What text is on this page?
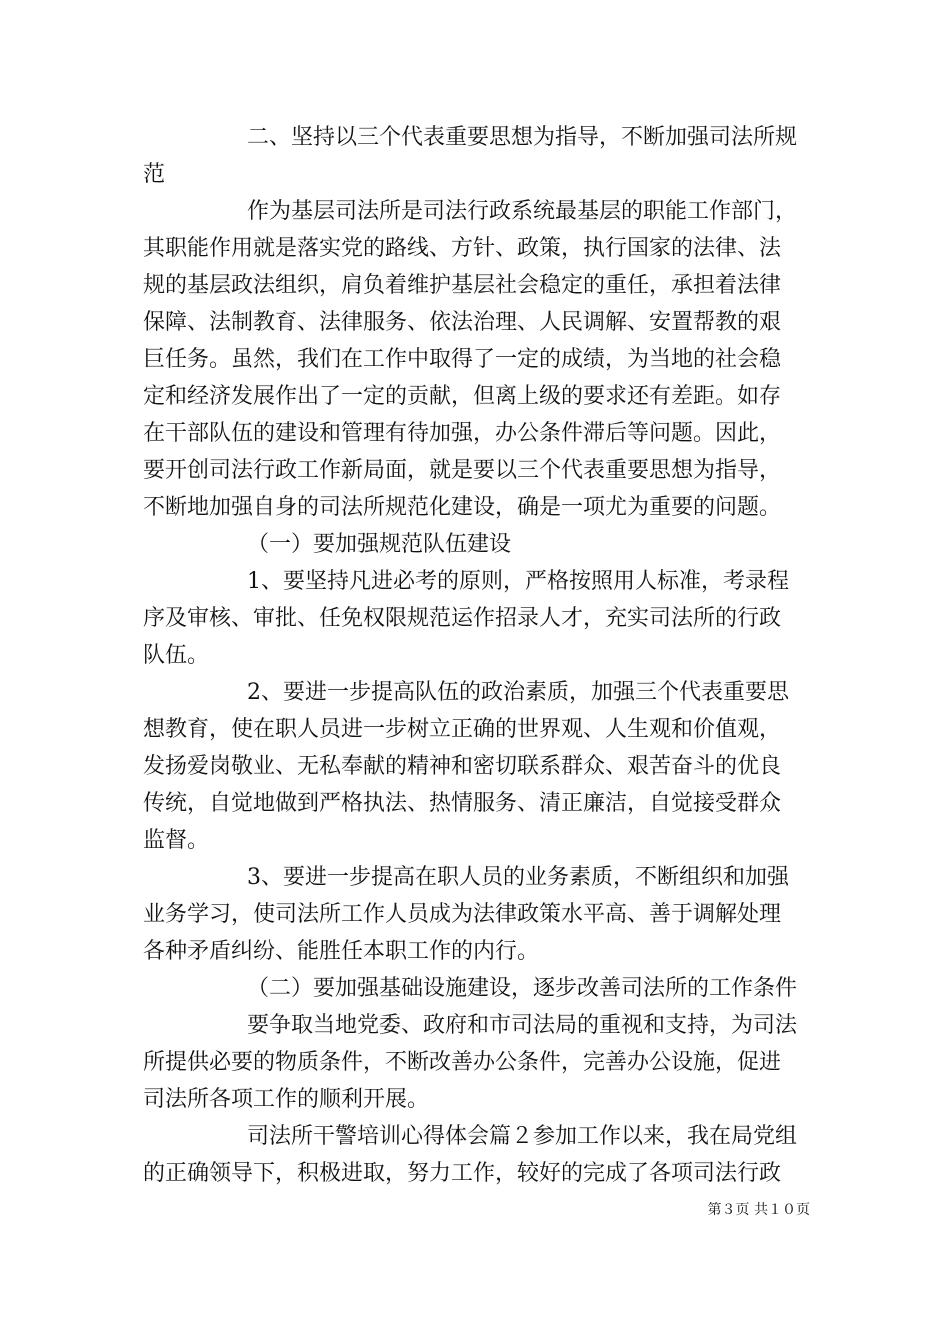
二、坚持以三个代表重要思想为指导，不断加强司法所规
范
作为基层司法所是司法行政系统最基层的职能工作部门，
其职能作用就是落实党的路线、方针、政策，执行国家的法律、法
规的基层政法组织，肩负着维护基层社会稳定的重任，承担着法律
保障、法制教育、法律服务、依法治理、人民调解、安置帮教的艰
巨任务。虽然，我们在工作中取得了一定的成绩，为当地的社会稳
定和经济发展作出了一定的贡献，但离上级的要求还有差距。如存
在干部队伍的建设和管理有待加强，办公条件滞后等问题。因此，
要开创司法行政工作新局面，就是要以三个代表重要思想为指导，
不断地加强自身的司法所规范化建设，确是一项尤为重要的问题。
（一）要加强规范队伍建设
1、要坚持凡进必考的原则，严格按照用人标准，考录程
序及审核、审批、任免权限规范运作招录人才，充实司法所的行政
队伍。
2、要进一步提高队伍的政治素质，加强三个代表重要思
想教育，使在职人员进一步树立正确的世界观、人生观和价值观，
发扬爱岗敬业、无私奉献的精神和密切联系群众、艰苦奋斗的优良
传统，自觉地做到严格执法、热情服务、清正廉洁，自觉接受群众
监督。
3、要进一步提高在职人员的业务素质，不断组织和加强
业务学习，使司法所工作人员成为法律政策水平高、善于调解处理
各种矛盾纠纷、能胜任本职工作的内行。
（二）要加强基础设施建设，逐步改善司法所的工作条件
要争取当地党委、政府和市司法局的重视和支持，为司法
所提供必要的物质条件，不断改善办公条件，完善办公设施，促进
司法所各项工作的顺利开展。
司法所干警培训心得体会篇２参加工作以来，我在局党组
的正确领导下，积极进取，努力工作，较好的完成了各项司法行政
第３页 共１０页
